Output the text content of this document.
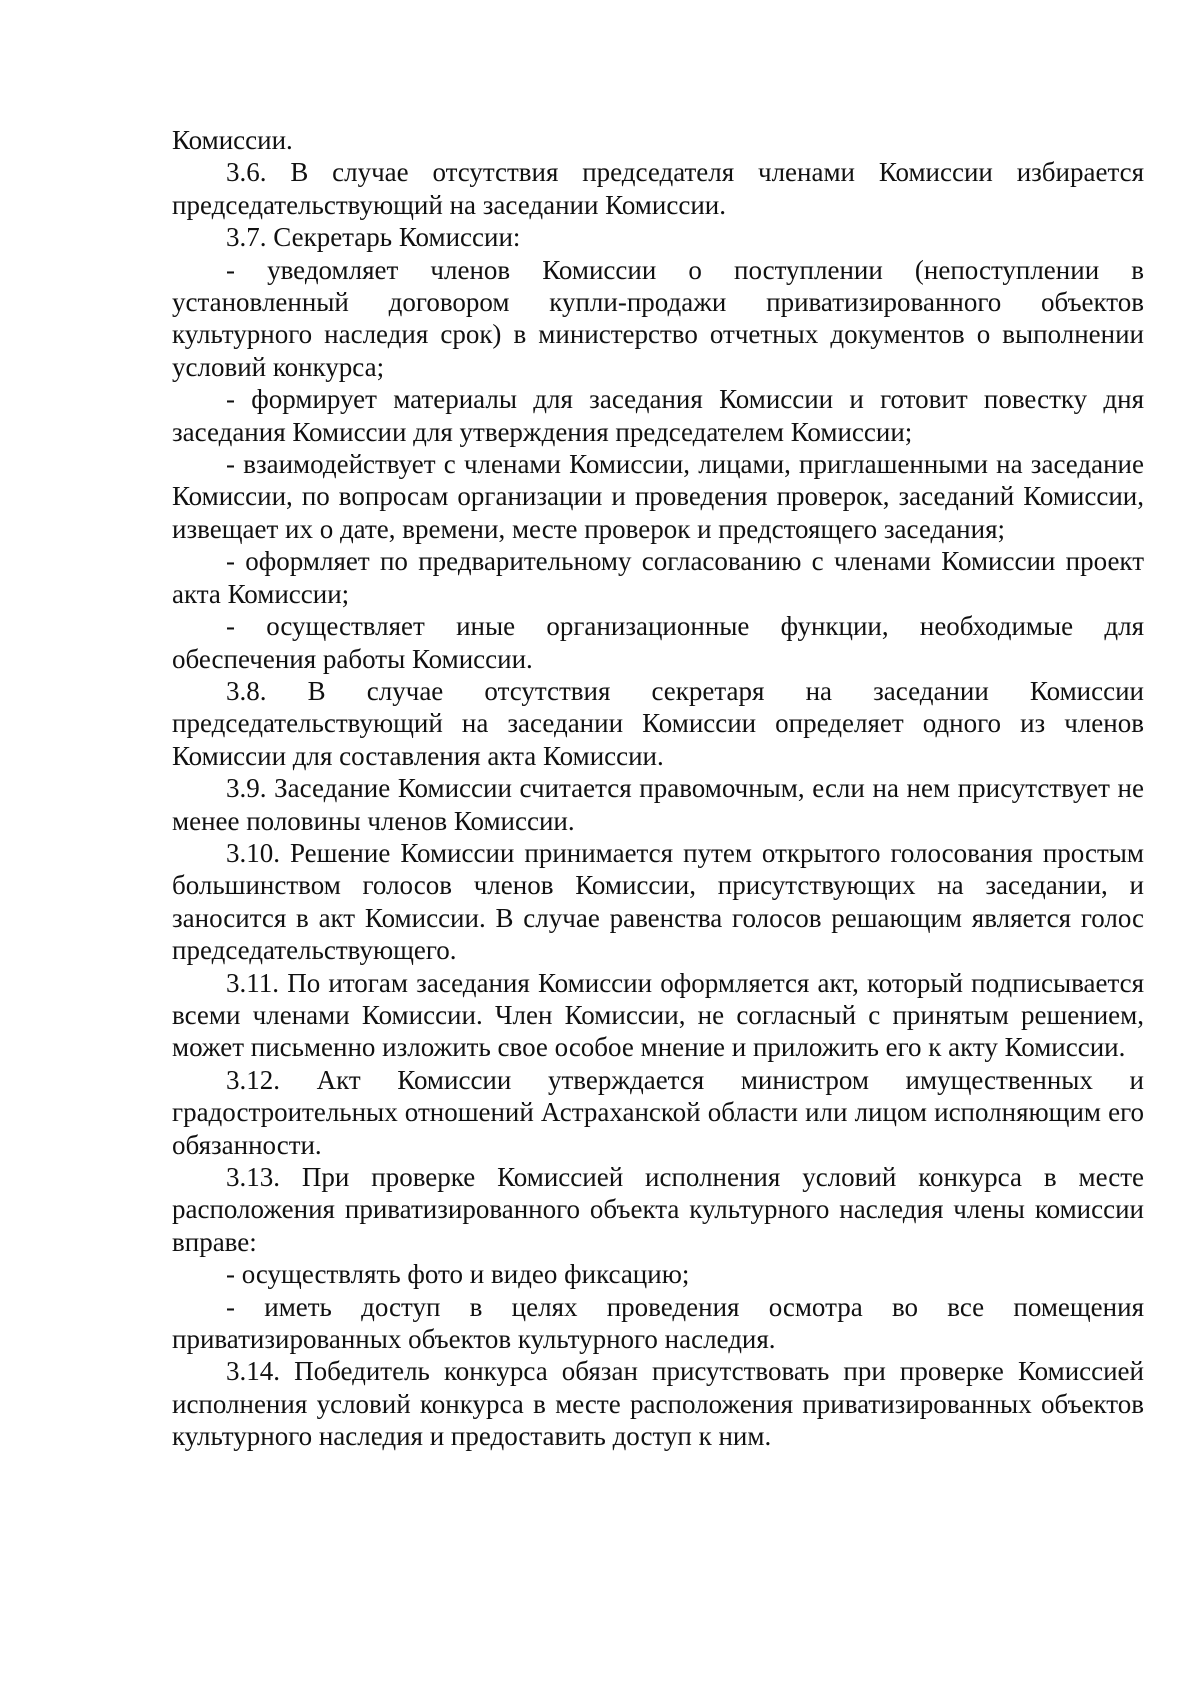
Комиссии.

3.6. В случае отсутствия председателя членами Комиссии избирается председательствующий на заседании Комиссии.

3.7. Секретарь Комиссии:

- уведомляет членов Комиссии о поступлении (непоступлении в установленный договором купли-продажи приватизированного объектов культурного наследия срок) в министерство отчетных документов о выполнении условий конкурса;

- формирует материалы для заседания Комиссии и готовит повестку дня заседания Комиссии для утверждения председателем Комиссии;

- взаимодействует с членами Комиссии, лицами, приглашенными на заседание Комиссии, по вопросам организации и проведения проверок, заседаний Комиссии, извещает их о дате, времени, месте проверок и предстоящего заседания;

- оформляет по предварительному согласованию с членами Комиссии проект акта Комиссии;

- осуществляет иные организационные функции, необходимые для обеспечения работы Комиссии.

3.8. В случае отсутствия секретаря на заседании Комиссии председательствующий на заседании Комиссии определяет одного из членов Комиссии для составления акта Комиссии.

3.9. Заседание Комиссии считается правомочным, если на нем присутствует не менее половины членов Комиссии.

3.10. Решение Комиссии принимается путем открытого голосования простым большинством голосов членов Комиссии, присутствующих на заседании, и заносится в акт Комиссии. В случае равенства голосов решающим является голос председательствующего.

3.11. По итогам заседания Комиссии оформляется акт, который подписывается всеми членами Комиссии. Член Комиссии, не согласный с принятым решением, может письменно изложить свое особое мнение и приложить его к акту Комиссии.

3.12. Акт Комиссии утверждается министром имущественных и градостроительных отношений Астраханской области или лицом исполняющим его обязанности.

3.13. При проверке Комиссией исполнения условий конкурса в месте расположения приватизированного объекта культурного наследия члены комиссии вправе:

- осуществлять фото и видео фиксацию;

- иметь доступ в целях проведения осмотра во все помещения приватизированных объектов культурного наследия.

3.14. Победитель конкурса обязан присутствовать при проверке Комиссией исполнения условий конкурса в месте расположения приватизированных объектов культурного наследия и предоставить доступ к ним.
